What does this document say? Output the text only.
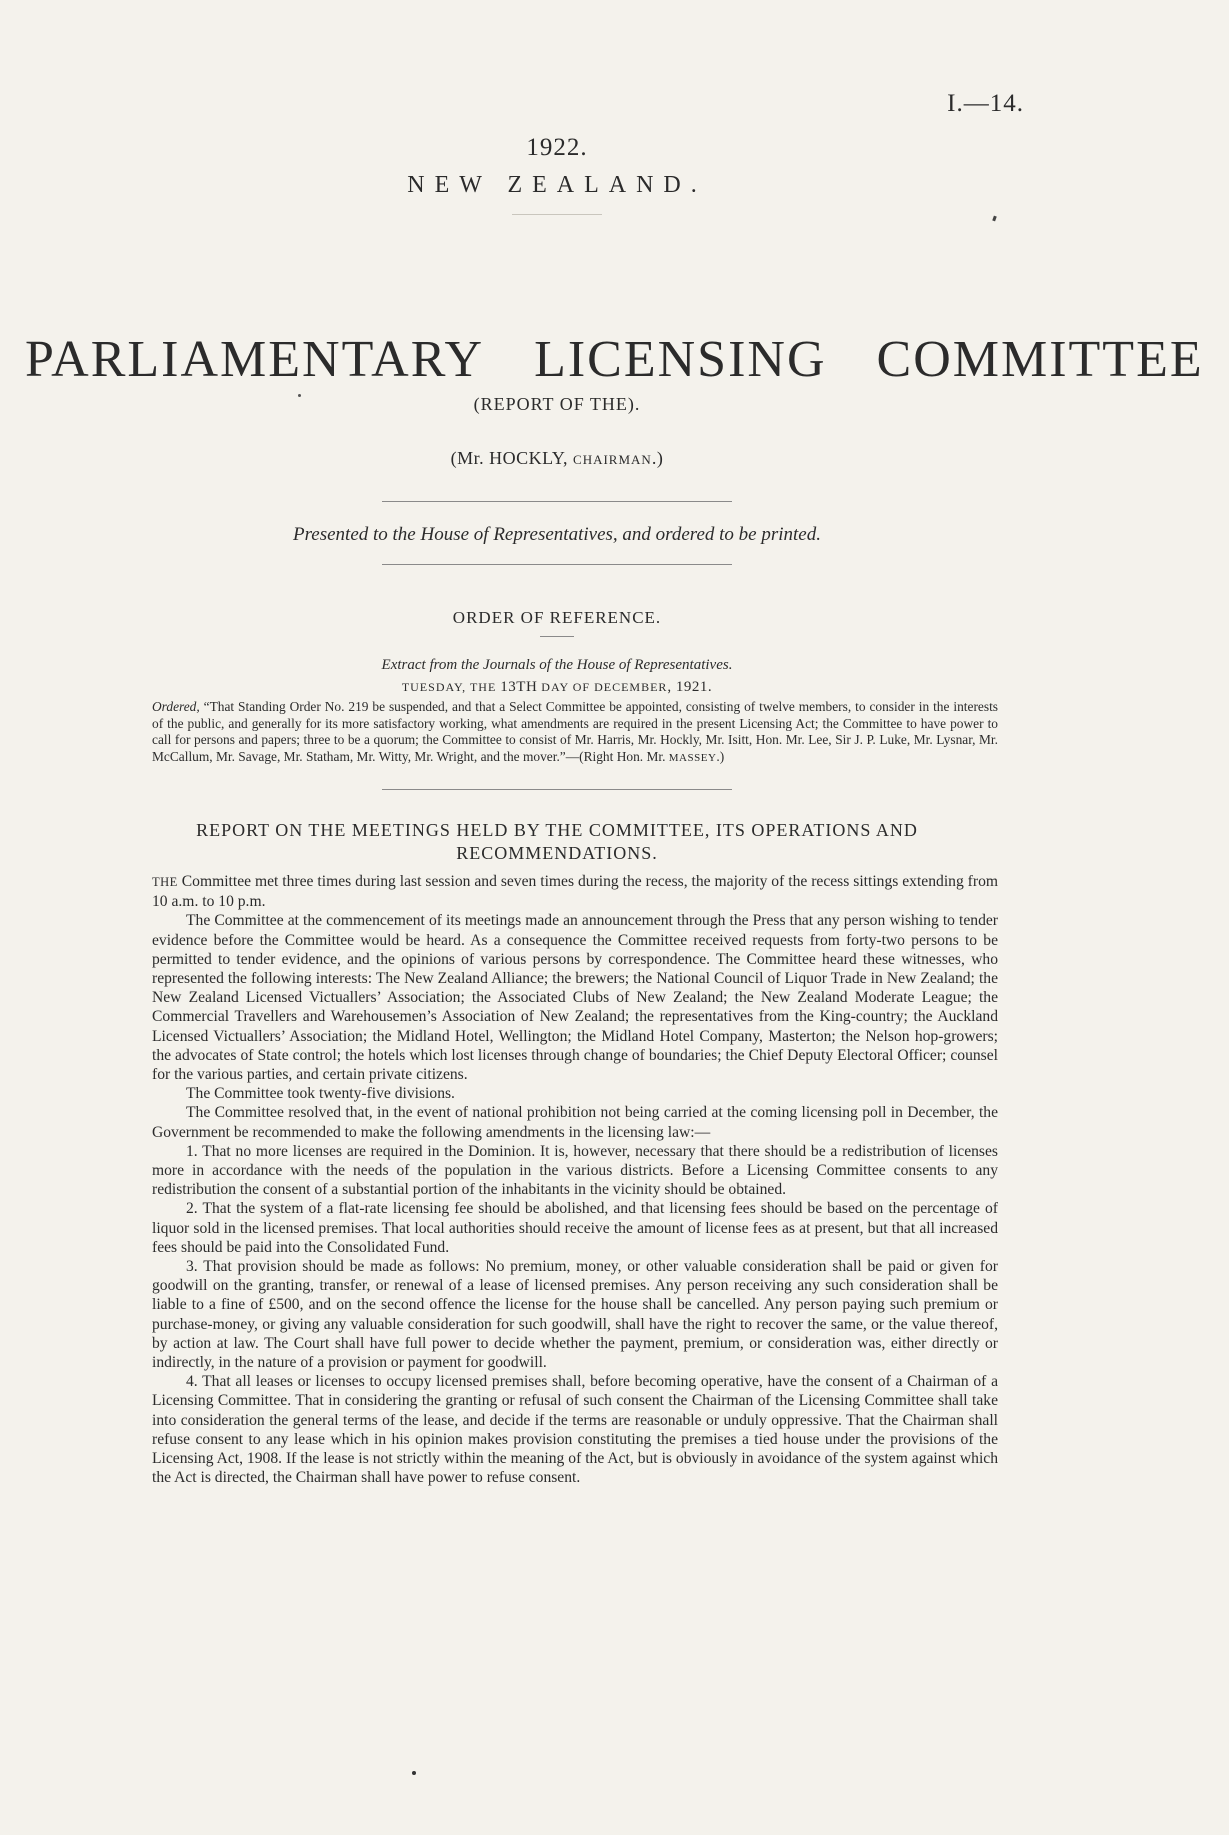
I.—14.
1922.
NEW ZEALAND.
PARLIAMENTARY LICENSING COMMITTEE
(REPORT OF THE).
(Mr. HOCKLY, CHAIRMAN.)
Presented to the House of Representatives, and ordered to be printed.
ORDER OF REFERENCE.
Extract from the Journals of the House of Representatives.
TUESDAY, THE 13TH DAY OF DECEMBER, 1921.
Ordered, “That Standing Order No. 219 be suspended, and that a Select Committee be appointed, consisting of twelve members, to consider in the interests of the public, and generally for its more satisfactory working, what amendments are required in the present Licensing Act; the Committee to have power to call for persons and papers; three to be a quorum; the Committee to consist of Mr. Harris, Mr. Hockly, Mr. Isitt, Hon. Mr. Lee, Sir J. P. Luke, Mr. Lysnar, Mr. McCallum, Mr. Savage, Mr. Statham, Mr. Witty, Mr. Wright, and the mover.”—(Right Hon. Mr. MASSEY.)
REPORT ON THE MEETINGS HELD BY THE COMMITTEE, ITS OPERATIONS AND RECOMMENDATIONS.

THE Committee met three times during last session and seven times during the recess, the majority of the recess sittings extending from 10 a.m. to 10 p.m.

The Committee at the commencement of its meetings made an announcement through the Press that any person wishing to tender evidence before the Committee would be heard. As a consequence the Committee received requests from forty-two persons to be permitted to tender evidence, and the opinions of various persons by correspondence. The Committee heard these witnesses, who represented the following interests: The New Zealand Alliance; the brewers; the National Council of Liquor Trade in New Zealand; the New Zealand Licensed Victuallers’ Association; the Associated Clubs of New Zealand; the New Zealand Moderate League; the Commercial Travellers and Warehousemen’s Association of New Zealand; the representatives from the King-country; the Auckland Licensed Victuallers’ Association; the Midland Hotel, Wellington; the Midland Hotel Company, Masterton; the Nelson hop-growers; the advocates of State control; the hotels which lost licenses through change of boundaries; the Chief Deputy Electoral Officer; counsel for the various parties, and certain private citizens.

The Committee took twenty-five divisions.

The Committee resolved that, in the event of national prohibition not being carried at the coming licensing poll in December, the Government be recommended to make the following amendments in the licensing law:—

1. That no more licenses are required in the Dominion. It is, however, necessary that there should be a redistribution of licenses more in accordance with the needs of the population in the various districts. Before a Licensing Committee consents to any redistribution the consent of a substantial portion of the inhabitants in the vicinity should be obtained.

2. That the system of a flat-rate licensing fee should be abolished, and that licensing fees should be based on the percentage of liquor sold in the licensed premises. That local authorities should receive the amount of license fees as at present, but that all increased fees should be paid into the Consolidated Fund.

3. That provision should be made as follows: No premium, money, or other valuable consideration shall be paid or given for goodwill on the granting, transfer, or renewal of a lease of licensed premises. Any person receiving any such consideration shall be liable to a fine of £500, and on the second offence the license for the house shall be cancelled. Any person paying such premium or purchase-money, or giving any valuable consideration for such goodwill, shall have the right to recover the same, or the value thereof, by action at law. The Court shall have full power to decide whether the payment, premium, or consideration was, either directly or indirectly, in the nature of a provision or payment for goodwill.

4. That all leases or licenses to occupy licensed premises shall, before becoming operative, have the consent of a Chairman of a Licensing Committee. That in considering the granting or refusal of such consent the Chairman of the Licensing Committee shall take into consideration the general terms of the lease, and decide if the terms are reasonable or unduly oppressive. That the Chairman shall refuse consent to any lease which in his opinion makes provision constituting the premises a tied house under the provisions of the Licensing Act, 1908. If the lease is not strictly within the meaning of the Act, but is obviously in avoidance of the system against which the Act is directed, the Chairman shall have power to refuse consent.
